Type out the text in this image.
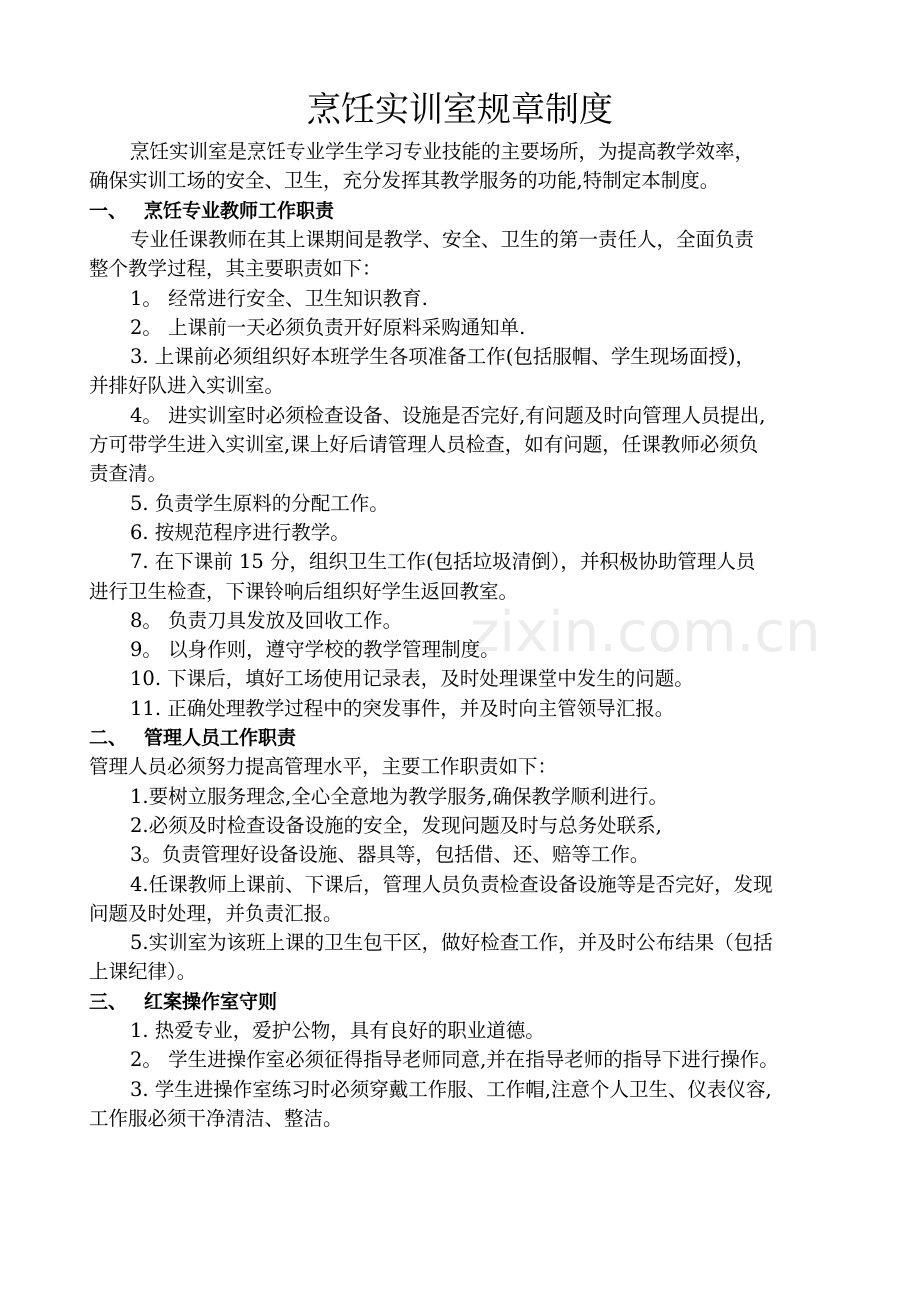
烹饪实训室规章制度
烹饪实训室是烹饪专业学生学习专业技能的主要场所，为提高教学效率，
确保实训工场的安全、卫生，充分发挥其教学服务的功能,特制定本制度。
一、 烹饪专业教师工作职责
专业任课教师在其上课期间是教学、安全、卫生的第一责任人，全面负责
整个教学过程，其主要职责如下：
1。 经常进行安全、卫生知识教育.
2。 上课前一天必须负责开好原料采购通知单.
3. 上课前必须组织好本班学生各项准备工作(包括服帽、学生现场面授)，
并排好队进入实训室。
4。 进实训室时必须检查设备、设施是否完好,有问题及时向管理人员提出,
方可带学生进入实训室,课上好后请管理人员检查，如有问题，任课教师必须负
责查清。
5. 负责学生原料的分配工作。
6. 按规范程序进行教学。
7. 在下课前 15 分，组织卫生工作(包括垃圾清倒），并积极协助管理人员
进行卫生检查，下课铃响后组织好学生返回教室。
8。 负责刀具发放及回收工作。
9。 以身作则，遵守学校的教学管理制度。
10. 下课后，填好工场使用记录表，及时处理课堂中发生的问题。
11. 正确处理教学过程中的突发事件，并及时向主管领导汇报。
二、 管理人员工作职责
管理人员必须努力提高管理水平，主要工作职责如下：
1.要树立服务理念,全心全意地为教学服务,确保教学顺利进行。
2.必须及时检查设备设施的安全，发现问题及时与总务处联系,
3。负责管理好设备设施、器具等，包括借、还、赔等工作。
4.任课教师上课前、下课后，管理人员负责检查设备设施等是否完好，发现
问题及时处理，并负责汇报。
5.实训室为该班上课的卫生包干区，做好检查工作，并及时公布结果（包括
上课纪律）。
三、 红案操作室守则
1. 热爱专业，爱护公物，具有良好的职业道德。
2。 学生进操作室必须征得指导老师同意,并在指导老师的指导下进行操作。
3. 学生进操作室练习时必须穿戴工作服、工作帽,注意个人卫生、仪表仪容,
工作服必须干净清洁、整洁。
zixin.com.cn
